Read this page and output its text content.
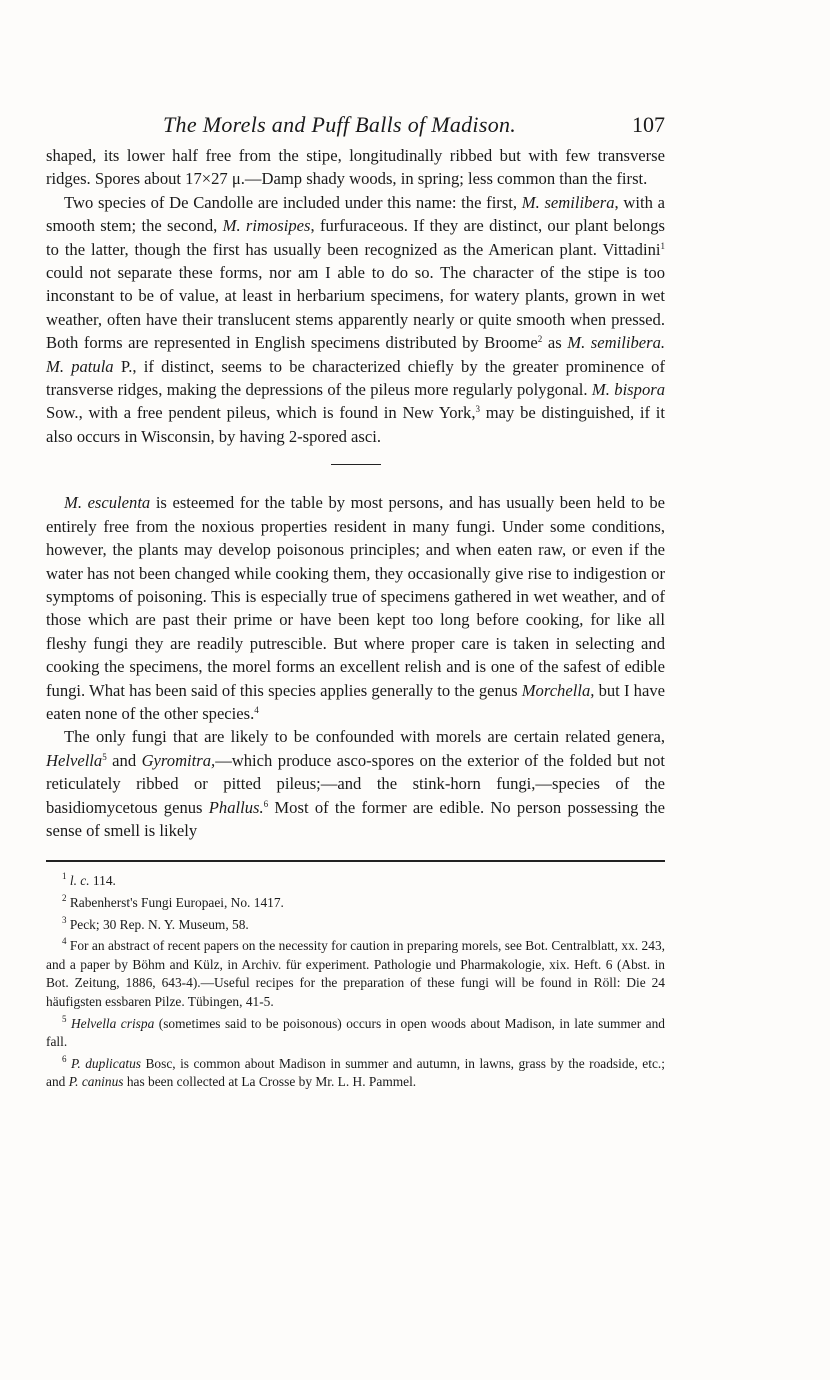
The Morels and Puff Balls of Madison.	107

shaped, its lower half free from the stipe, longitudinally ribbed but with few transverse ridges. Spores about 17×27 μ.—Damp shady woods, in spring; less common than the first.

Two species of De Candolle are included under this name: the first, M. semilibera, with a smooth stem; the second, M. rimosipes, furfuraceous. If they are distinct, our plant belongs to the latter, though the first has usually been recognized as the American plant. Vittadini$^1$ could not separate these forms, nor am I able to do so. The character of the stipe is too inconstant to be of value, at least in herbarium specimens, for watery plants, grown in wet weather, often have their translucent stems apparently nearly or quite smooth when pressed. Both forms are represented in English specimens distributed by Broome$^2$ as M. semilibera. M. patula P., if distinct, seems to be characterized chiefly by the greater prominence of transverse ridges, making the depressions of the pileus more regularly polygonal. M. bispora Sow., with a free pendent pileus, which is found in New York,$^3$ may be distinguished, if it also occurs in Wisconsin, by having 2-spored asci.

M. esculenta is esteemed for the table by most persons, and has usually been held to be entirely free from the noxious properties resident in many fungi. Under some conditions, however, the plants may develop poisonous principles; and when eaten raw, or even if the water has not been changed while cooking them, they occasionally give rise to indigestion or symptoms of poisoning. This is especially true of specimens gathered in wet weather, and of those which are past their prime or have been kept too long before cooking, for like all fleshy fungi they are readily putrescible. But where proper care is taken in selecting and cooking the specimens, the morel forms an excellent relish and is one of the safest of edible fungi. What has been said of this species applies generally to the genus Morchella, but I have eaten none of the other species.$^4$

The only fungi that are likely to be confounded with morels are certain related genera, Helvella$^5$ and Gyromitra,—which produce asco-spores on the exterior of the folded but not reticulately ribbed or pitted pileus;—and the stink-horn fungi,—species of the basidiomycetous genus Phallus.$^6$ Most of the former are edible. No person possessing the sense of smell is likely

$^1$ l. c. 114.

$^2$ Rabenherst's Fungi Europaei, No. 1417.

$^3$ Peck; 30 Rep. N. Y. Museum, 58.

$^4$ For an abstract of recent papers on the necessity for caution in preparing morels, see Bot. Centralblatt, xx. 243, and a paper by Böhm and Külz, in Archiv. für experiment. Pathologie und Pharmakologie, xix. Heft. 6 (Abst. in Bot. Zeitung, 1886, 643-4).—Useful recipes for the preparation of these fungi will be found in Röll: Die 24 häufigsten essbaren Pilze. Tübingen, 41-5.

$^5$ Helvella crispa (sometimes said to be poisonous) occurs in open woods about Madison, in late summer and fall.

$^6$ P. duplicatus Bosc, is common about Madison in summer and autumn, in lawns, grass by the roadside, etc.; and P. caninus has been collected at La Crosse by Mr. L. H. Pammel.
